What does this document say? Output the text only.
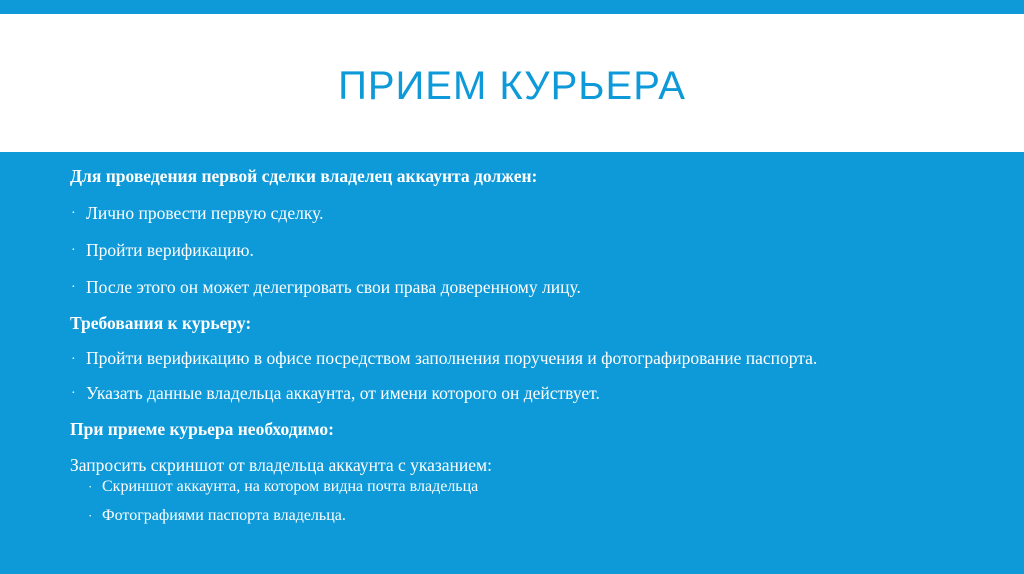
ПРИЕМ КУРЬЕРА

Для проведения первой сделки владелец аккаунта должен:

· Лично провести первую сделку.
· Пройти верификацию.
· После этого он может делегировать свои права доверенному лицу.

Требования к курьеру:

· Пройти верификацию в офисе посредством заполнения поручения и фотографирование паспорта.
· Указать данные владельца аккаунта, от имени которого он действует.

При приеме курьера необходимо:

Запросить скриншот от владельца аккаунта с указанием:

· Скриншот аккаунта, на котором видна почта владельца
· Фотографиями паспорта владельца.
